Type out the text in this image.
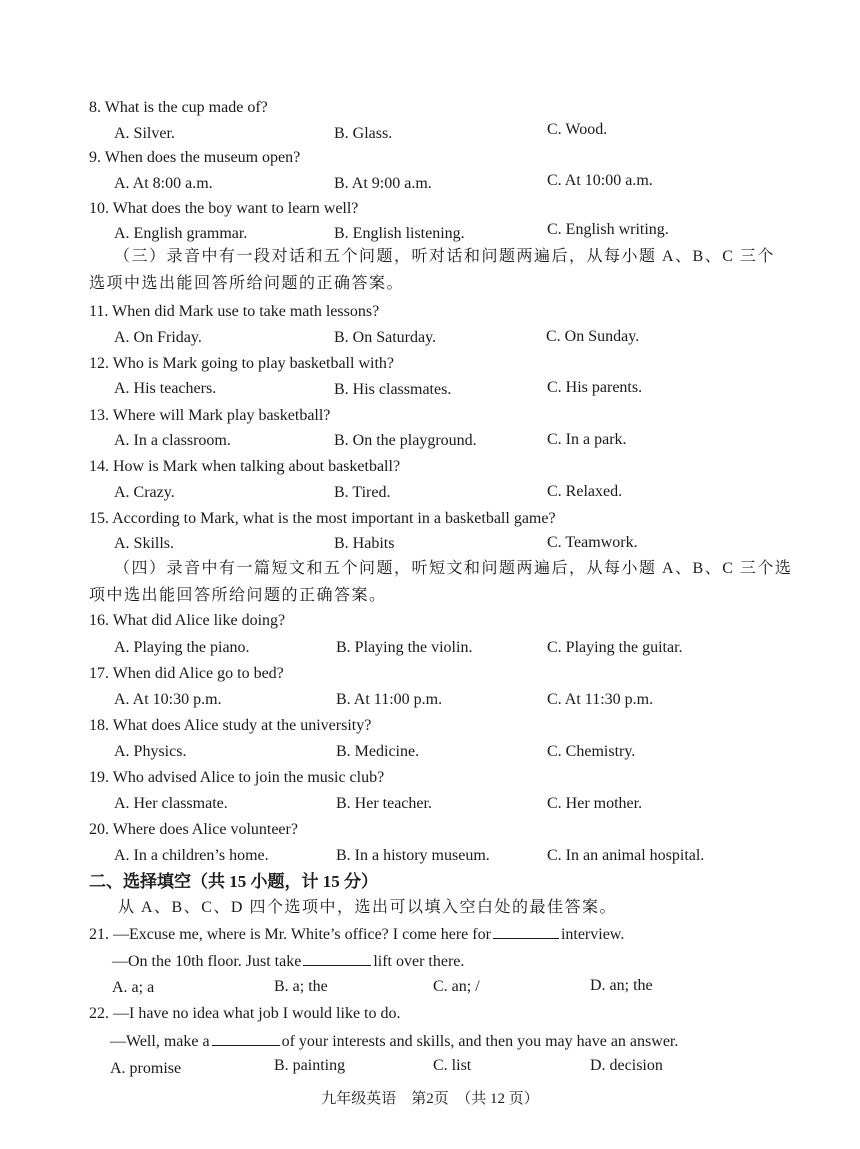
8. What is the cup made of?
A. Silver.	B. Glass.	C. Wood.
9. When does the museum open?
A. At 8:00 a.m.	B. At 9:00 a.m.	C. At 10:00 a.m.
10. What does the boy want to learn well?
A. English grammar.	B. English listening.	C. English writing.
（三）录音中有一段对话和五个问题，听对话和问题两遍后，从每小题 A、B、C 三个
选项中选出能回答所给问题的正确答案。
11. When did Mark use to take math lessons?
A. On Friday.	B. On Saturday.	C. On Sunday.
12. Who is Mark going to play basketball with?
A. His teachers.	B. His classmates.	C. His parents.
13. Where will Mark play basketball?
A. In a classroom.	B. On the playground.	C. In a park.
14. How is Mark when talking about basketball?
A. Crazy.	B. Tired.	C. Relaxed.
15. According to Mark, what is the most important in a basketball game?
A. Skills.	B. Habits	C. Teamwork.
（四）录音中有一篇短文和五个问题，听短文和问题两遍后，从每小题 A、B、C 三个选
项中选出能回答所给问题的正确答案。
16. What did Alice like doing?
A. Playing the piano.	B. Playing the violin.	C. Playing the guitar.
17. When did Alice go to bed?
A. At 10:30 p.m.	B. At 11:00 p.m.	C. At 11:30 p.m.
18. What does Alice study at the university?
A. Physics.	B. Medicine.	C. Chemistry.
19. Who advised Alice to join the music club?
A. Her classmate.	B. Her teacher.	C. Her mother.
20. Where does Alice volunteer?
A. In a children’s home.	B. In a history museum.	C. In an animal hospital.
二、选择填空（共 15 小题，计 15 分）
从 A、B、C、D 四个选项中，选出可以填入空白处的最佳答案。
21. —Excuse me, where is Mr. White’s office? I come here for	interview.
—On the 10th floor. Just take	lift over there.
A. a; a	B. a; the	C. an; /	D. an; the
22. —I have no idea what job I would like to do.
—Well, make a	of your interests and skills, and then you may have an answer.
A. promise	B. painting	C. list	D. decision
九年级英语　第2页　（共 12 页）
